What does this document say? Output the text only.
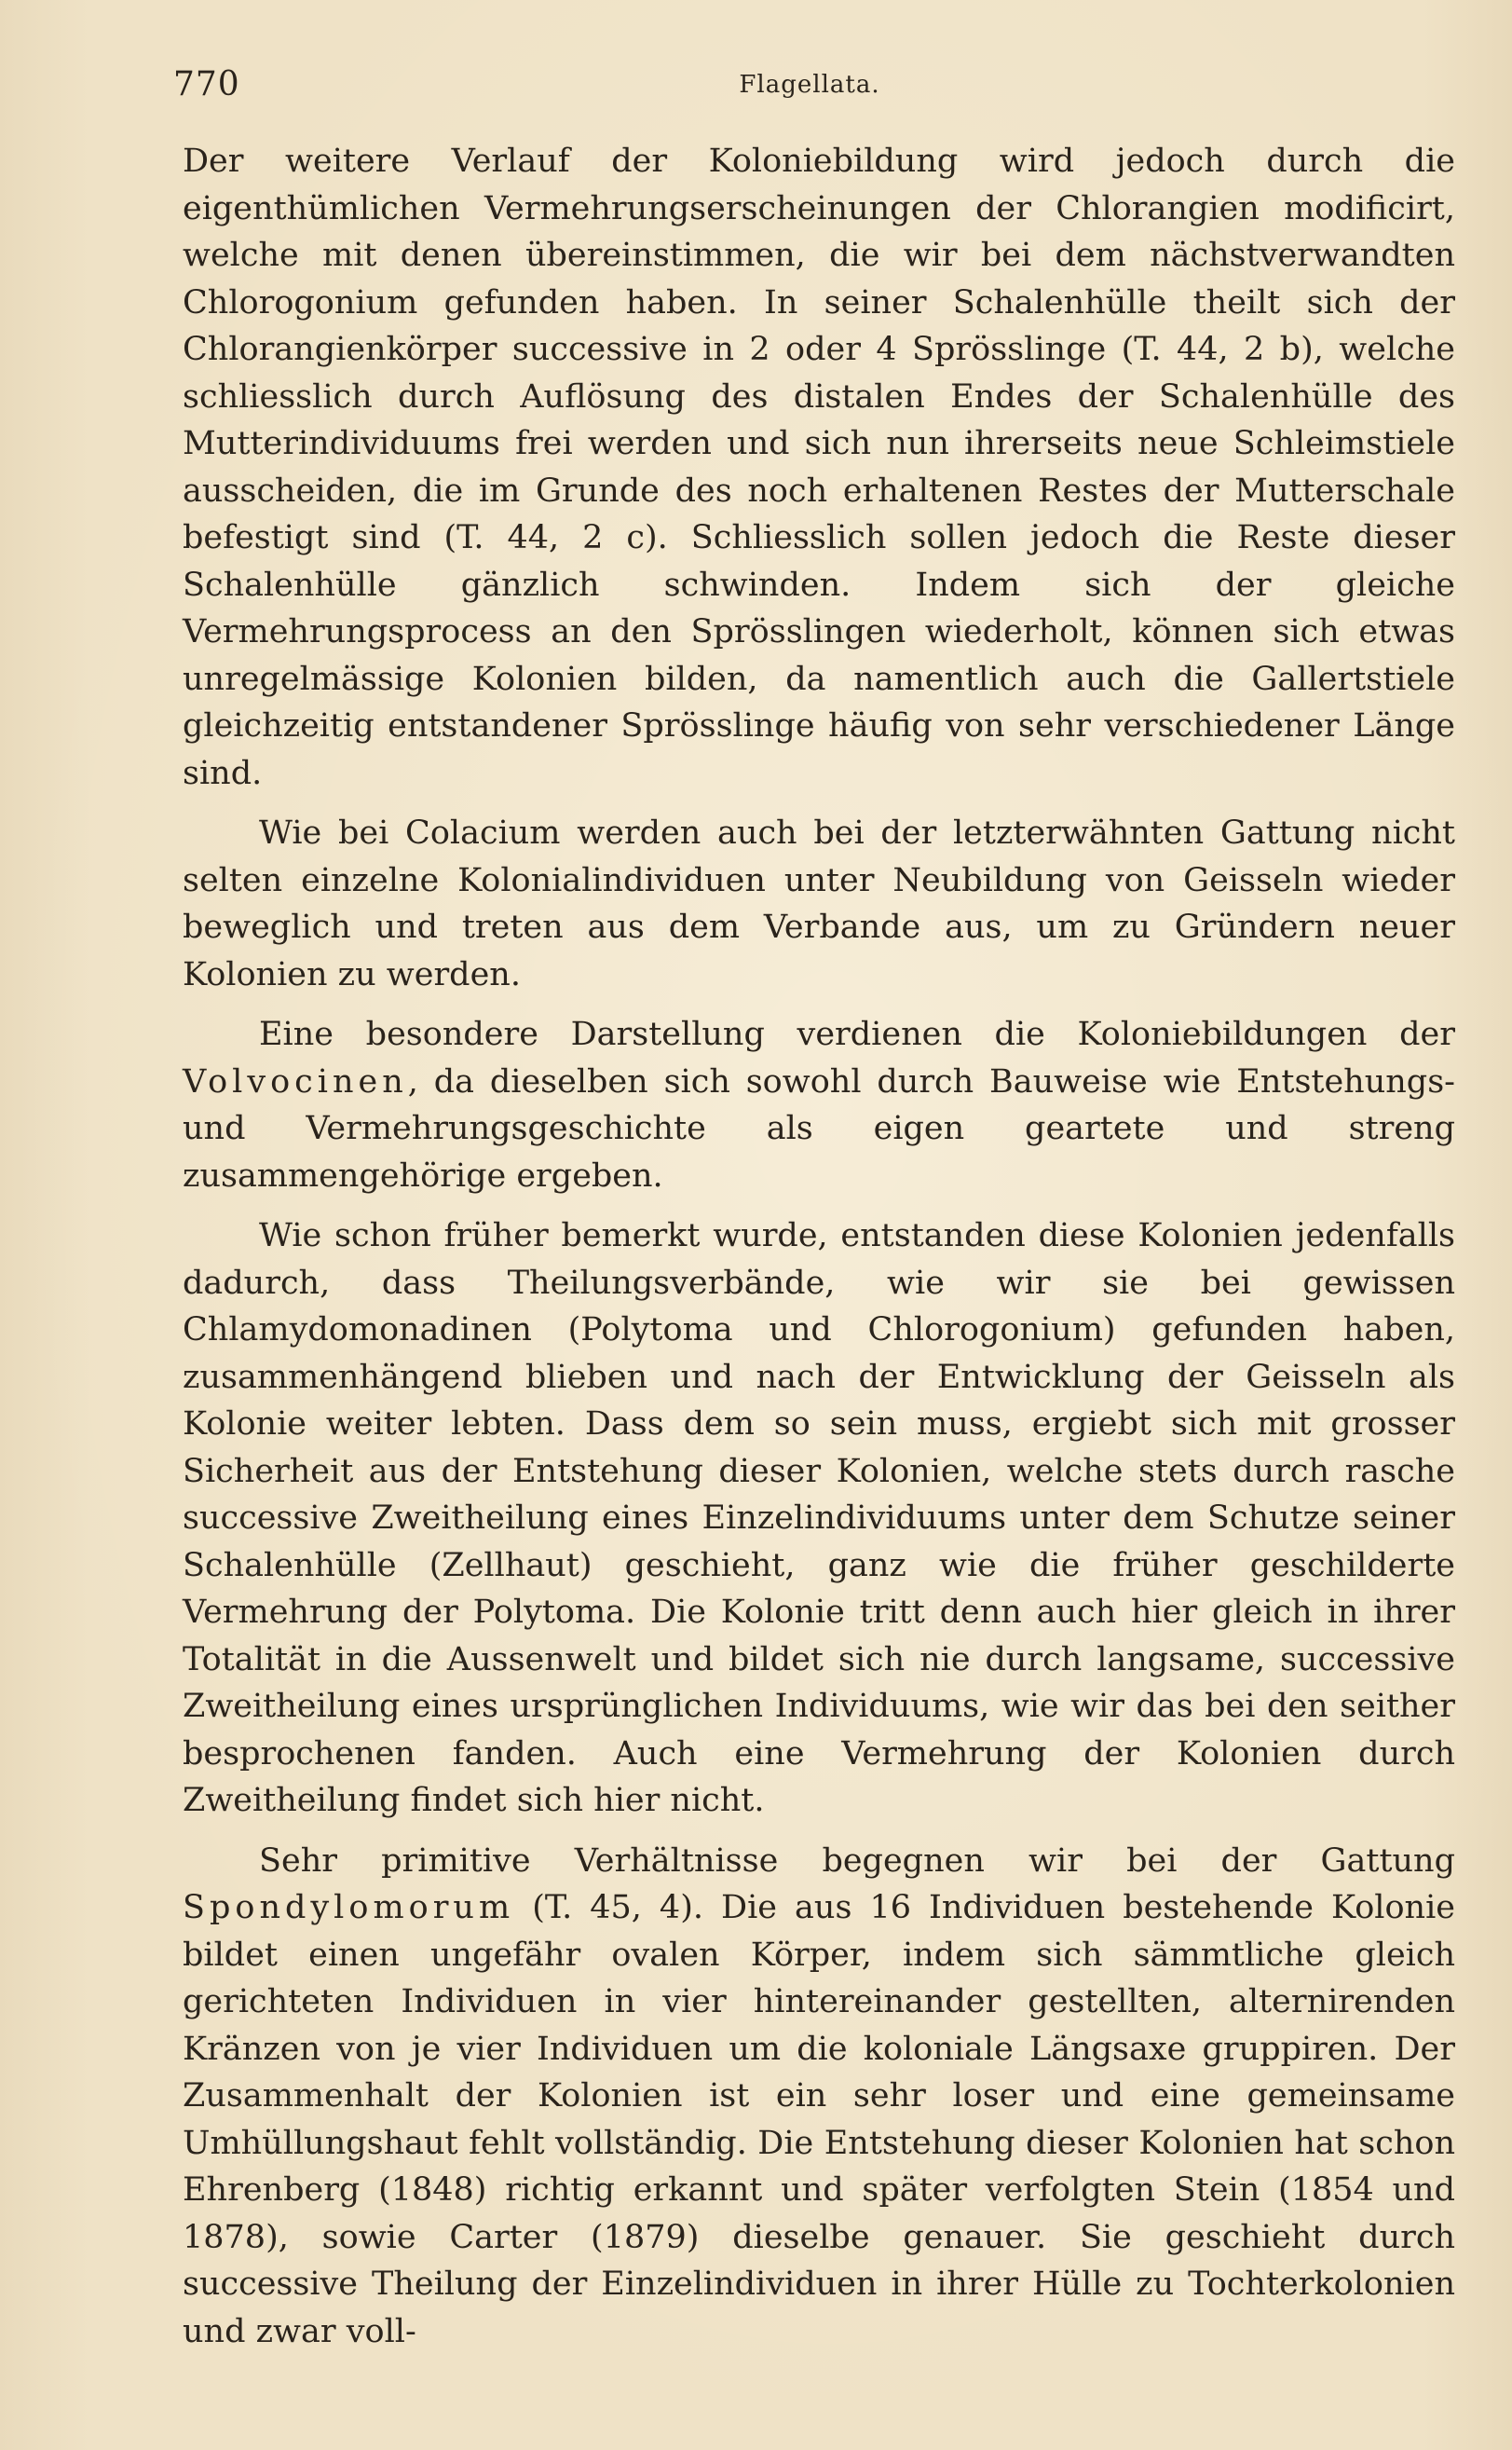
770	Flagellata.

Der weitere Verlauf der Koloniebildung wird jedoch durch die eigenthümlichen Vermehrungserscheinungen der Chlorangien modificirt, welche mit denen übereinstimmen, die wir bei dem nächstverwandten Chlorogonium gefunden haben. In seiner Schalenhülle theilt sich der Chlorangienkörper successive in 2 oder 4 Sprösslinge (T. 44, 2 b), welche schliesslich durch Auflösung des distalen Endes der Schalenhülle des Mutterindividuums frei werden und sich nun ihrerseits neue Schleimstiele ausscheiden, die im Grunde des noch erhaltenen Restes der Mutterschale befestigt sind (T. 44, 2 c). Schliesslich sollen jedoch die Reste dieser Schalenhülle gänzlich schwinden. Indem sich der gleiche Vermehrungsprocess an den Sprösslingen wiederholt, können sich etwas unregelmässige Kolonien bilden, da namentlich auch die Gallertstiele gleichzeitig entstandener Sprösslinge häufig von sehr verschiedener Länge sind.

Wie bei Colacium werden auch bei der letzterwähnten Gattung nicht selten einzelne Kolonialindividuen unter Neubildung von Geisseln wieder beweglich und treten aus dem Verbande aus, um zu Gründern neuer Kolonien zu werden.

Eine besondere Darstellung verdienen die Koloniebildungen der Volvocinen, da dieselben sich sowohl durch Bauweise wie Entstehungs- und Vermehrungsgeschichte als eigen geartete und streng zusammengehörige ergeben.

Wie schon früher bemerkt wurde, entstanden diese Kolonien jedenfalls dadurch, dass Theilungsverbände, wie wir sie bei gewissen Chlamydomonadinen (Polytoma und Chlorogonium) gefunden haben, zusammenhängend blieben und nach der Entwicklung der Geisseln als Kolonie weiter lebten. Dass dem so sein muss, ergiebt sich mit grosser Sicherheit aus der Entstehung dieser Kolonien, welche stets durch rasche successive Zweitheilung eines Einzelindividuums unter dem Schutze seiner Schalenhülle (Zellhaut) geschieht, ganz wie die früher geschilderte Vermehrung der Polytoma. Die Kolonie tritt denn auch hier gleich in ihrer Totalität in die Aussenwelt und bildet sich nie durch langsame, successive Zweitheilung eines ursprünglichen Individuums, wie wir das bei den seither besprochenen fanden. Auch eine Vermehrung der Kolonien durch Zweitheilung findet sich hier nicht.

Sehr primitive Verhältnisse begegnen wir bei der Gattung Spondylomorum (T. 45, 4). Die aus 16 Individuen bestehende Kolonie bildet einen ungefähr ovalen Körper, indem sich sämmtliche gleich gerichteten Individuen in vier hintereinander gestellten, alternirenden Kränzen von je vier Individuen um die koloniale Längsaxe gruppiren. Der Zusammenhalt der Kolonien ist ein sehr loser und eine gemeinsame Umhüllungshaut fehlt vollständig. Die Entstehung dieser Kolonien hat schon Ehrenberg (1848) richtig erkannt und später verfolgten Stein (1854 und 1878), sowie Carter (1879) dieselbe genauer. Sie geschieht durch successive Theilung der Einzelindividuen in ihrer Hülle zu Tochterkolonien und zwar voll-
